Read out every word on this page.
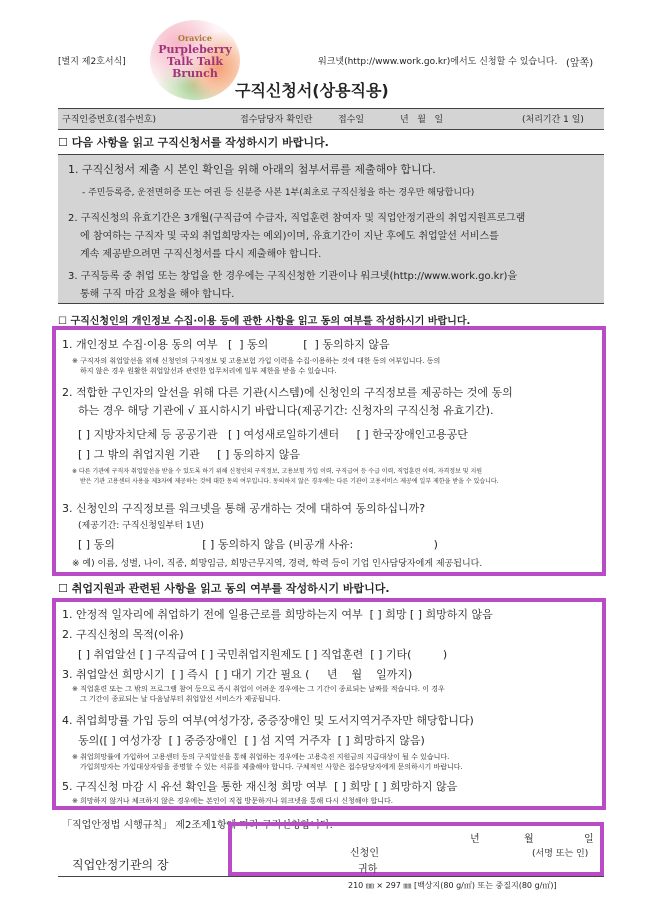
[별지 제2호서식]
Oravice
Purpleberry
Talk Talk
Brunch
워크넷(http://www.work.go.kr)에서도 신청할 수 있습니다. (앞쪽)
구직신청서(상용직용)
구직인증번호(접수번호)	접수담당자 확인란	접수일	년   월   일	(처리기간 1 일)
☐ 다음 사항을 읽고 구직신청서를 작성하시기 바랍니다.
1. 구직신청서 제출 시 본인 확인을 위해 아래의 첨부서류를 제출해야 합니다.
- 주민등록증, 운전면허증 또는 여권 등 신분증 사본 1부(최초로 구직신청을 하는 경우만 해당합니다)
2. 구직신청의 유효기간은 3개월(구직급여 수급자, 직업훈련 참여자 및 직업안정기관의 취업지원프로그램
에 참여하는 구직자 및 국외 취업희망자는 예외)이며, 유효기간이 지난 후에도 취업알선 서비스를
계속 제공받으려면 구직신청서를 다시 제출해야 합니다.
3. 구직등록 중 취업 또는 창업을 한 경우에는 구직신청한 기관이나 워크넷(http://www.work.go.kr)을
통해 구직 마감 요청을 해야 합니다.
☐ 구직신청인의 개인정보 수집·이용 등에 관한 사항을 읽고 동의 여부를 작성하시기 바랍니다.
1. 개인정보 수집·이용 동의 여부   [  ] 동의          [  ] 동의하지 않음
※ 구직자의 취업알선을 위해 신청인의 구직정보 및 고용보험 가입 이력을 수집·이용하는 것에 대한 동의 여부입니다. 동의
하지 않은 경우 원활한 취업알선과 관련한 업무처리에 일부 제한을 받을 수 있습니다.
2. 적합한 구인자의 알선을 위해 다른 기관(시스템)에 신청인의 구직정보를 제공하는 것에 동의
하는 경우 해당 기관에 √ 표시하시기 바랍니다(제공기간: 신청자의 구직신청 유효기간).
[ ] 지방자치단체 등 공공기관   [ ] 여성새로일하기센터     [ ] 한국장애인고용공단
[ ] 그 밖의 취업지원 기관     [ ] 동의하지 않음
※ 다른 기관에 구직자 취업알선을 받을 수 있도록 하기 위해 신청인의 구직정보, 고용보험 가입 이력, 구직급여 등 수급 이력, 직업훈련 이력, 자격정보 및 지원
받은 기관 고용센터 사용을 제3자에 제공하는 것에 대한 동의 여부입니다. 동의하지 않은 경우에는 다른 기관이 고용서비스 제공에 일부 제한을 받을 수 있습니다.
3. 신청인의 구직정보를 워크넷을 통해 공개하는 것에 대하여 동의하십니까?
(제공기간: 구직신청일부터 1년)
[ ] 동의                         [ ] 동의하지 않음 (비공개 사유:                       )
※ 예) 이름, 성별, 나이, 직종, 희망임금, 희망근무지역, 경력, 학력 등이 기업 인사담당자에게 제공됩니다.
☐ 취업지원과 관련된 사항을 읽고 동의 여부를 작성하시기 바랍니다.
1. 안정적 일자리에 취업하기 전에 일용근로를 희망하는지 여부  [ ] 희망 [ ] 희망하지 않음
2. 구직신청의 목적(이유)
[ ] 취업알선 [ ] 구직급여 [ ] 국민취업지원제도 [ ] 직업훈련  [ ] 기타(         )
3. 취업알선 희망시기  [ ] 즉시  [ ] 대기 기간 필요 (     년    월    일까지)
※ 직업훈련 또는 그 밖의 프로그램 참여 등으로 즉시 취업이 어려운 경우에는 그 기간이 종료되는 날짜를 적습니다. 이 경우
그 기간이 종료되는 날 다음날부터 취업알선 서비스가 제공됩니다.
4. 취업희망률 가입 등의 여부(여성가장, 중증장애인 및 도서지역거주자만 해당합니다)
동의([ ] 여성가장  [ ] 중증장애인  [ ] 섬 지역 거주자  [ ] 희망하지 않음)
※ 취업희망률에 가입하여 고용센터 등의 구직알선을 통해 취업하는 경우에는 고용촉진 지원금의 지급대상이 될 수 있습니다.
가입희망자는 가입대상자임을 증명할 수 있는 서류를 제출해야 합니다. 구체적인 사항은 접수담당자에게 문의하시기 바랍니다.
5. 구직신청 마감 시 유선 확인을 통한 재신청 희망 여부  [ ] 희망 [ ] 희망하지 않음
※ 희망하지 않거나 체크하지 않은 경우에는 본인이 직접 방문하거나 워크넷을 통해 다시 신청해야 합니다.
「직업안정법 시행규칙」 제2조제1항에 따라 구직신청합니다.
년	월	일
신청인	(서명 또는 인)
귀하
직업안정기관의 장
210 ㎜ × 297 ㎜ [백상지(80 g/㎡) 또는 중질지(80 g/㎡)]
